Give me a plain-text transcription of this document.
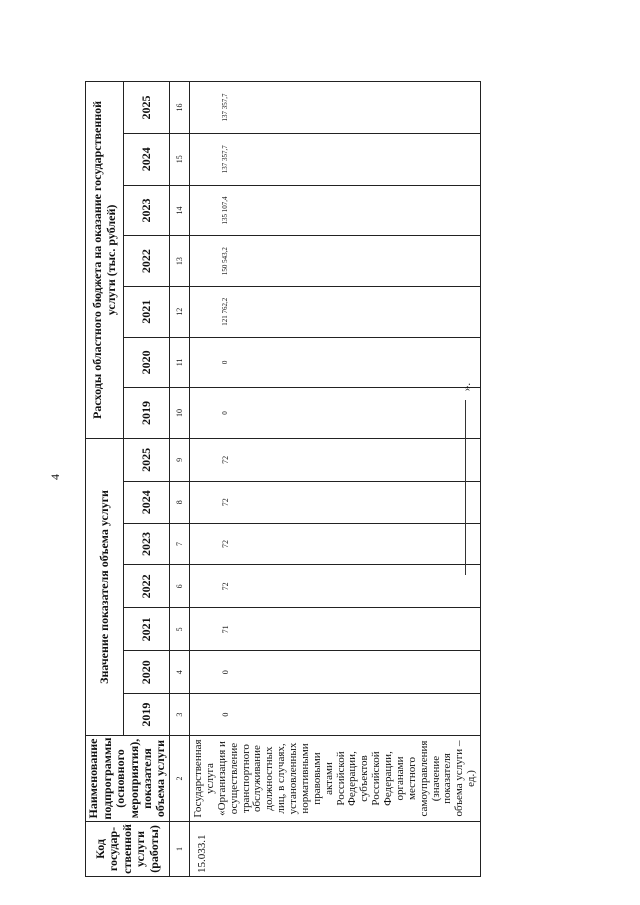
4
Код государ-ственной услуги (работы)	Наименование подпрограммы (основного мероприятия), показателя объема услуги	Значение показателя объема услуги							Расходы областного бюджета на оказание государственной услуги (тыс. рублей)						
		2019	2020	2021	2022	2023	2024	2025	2019	2020	2021	2022	2023	2024	2025
1	2	3	4	5	6	7	8	9	10	11	12	13	14	15	16
15.033.1	Государственная услуга «Организация и осуществление транспортного обслуживание должностных лиц, в случаях, установленных нормативными правовыми актами Российской Федерации, субъектов Российской Федерации, органами местного самоуправления (значение показателя объема услуги – ед.)	0	0	71	72	72	72	72	0	0	121 762,2	150 543,2	135 107,4	137 357,7	137 357,7
».
